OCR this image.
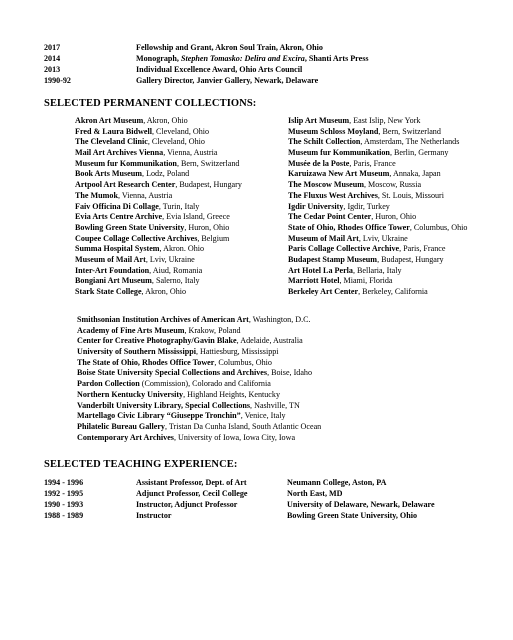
2017	Fellowship and Grant, Akron Soul Train, Akron, Ohio
2014	Monograph, Stephen Tomasko: Delira and Excira, Shanti Arts Press
2013	Individual Excellence Award, Ohio Arts Council
1990-92	Gallery Director, Janvier Gallery, Newark, Delaware
SELECTED PERMANENT COLLECTIONS:
Akron Art Museum, Akron, Ohio
Fred & Laura Bidwell, Cleveland, Ohio
The Cleveland Clinic, Cleveland, Ohio
Mail Art Archives Vienna, Vienna, Austria
Museum fur Kommunikation, Bern, Switzerland
Book Arts Museum, Lodz, Poland
Artpool Art Research Center, Budapest, Hungary
The Mumok, Vienna, Austria
Faiv Officina Di Collage, Turin, Italy
Evia Arts Centre Archive, Evia Island, Greece
Bowling Green State University, Huron, Ohio
Coupee Collage Collective Archives, Belgium
Summa Hospital System, Akron. Ohio
Museum of Mail Art, Lviv, Ukraine
Inter-Art Foundation, Aiud, Romania
Bongiani Art Museum, Salerno, Italy
Stark State College, Akron, Ohio
Islip Art Museum, East Islip, New York
Museum Schloss Moyland, Bern, Switzerland
The Schilt Collection, Amsterdam, The Netherlands
Museum fur Kommunikation, Berlin, Germany
Musée de la Poste, Paris, France
Karuizawa New Art Museum, Annaka, Japan
The Moscow Museum, Moscow, Russia
The Fluxus West Archives, St. Louis, Missouri
Igdir University, Igdir, Turkey
The Cedar Point Center, Huron, Ohio
State of Ohio, Rhodes Office Tower, Columbus, Ohio
Museum of Mail Art, Lviv, Ukraine
Paris Collage Collective Archive, Paris, France
Budapest Stamp Museum, Budapest, Hungary
Art Hotel La Perla, Bellaria, Italy
Marriott Hotel, Miami, Florida
Berkeley Art Center, Berkeley, California
Smithsonian Institution Archives of American Art, Washington, D.C.
Academy of Fine Arts Museum, Krakow, Poland
Center for Creative Photography/Gavin Blake, Adelaide, Australia
University of Southern Mississippi, Hattiesburg, Mississippi
The State of Ohio, Rhodes Office Tower, Columbus, Ohio
Boise State University Special Collections and Archives, Boise, Idaho
Pardon Collection (Commission), Colorado and California
Northern Kentucky University, Highland Heights, Kentucky
Vanderbilt University Library, Special Collections, Nashville, TN
Martellago Civic Library “Giuseppe Tronchin”, Venice, Italy
Philatelic Bureau Gallery, Tristan Da Cunha Island, South Atlantic Ocean
Contemporary Art Archives, University of Iowa, Iowa City, Iowa
SELECTED TEACHING EXPERIENCE:
1994 - 1996	Assistant Professor, Dept. of Art	Neumann College, Aston, PA
1992 - 1995	Adjunct Professor, Cecil College	North East, MD
1990 - 1993	Instructor, Adjunct Professor	University of Delaware, Newark, Delaware
1988 - 1989	Instructor	Bowling Green State University, Ohio
